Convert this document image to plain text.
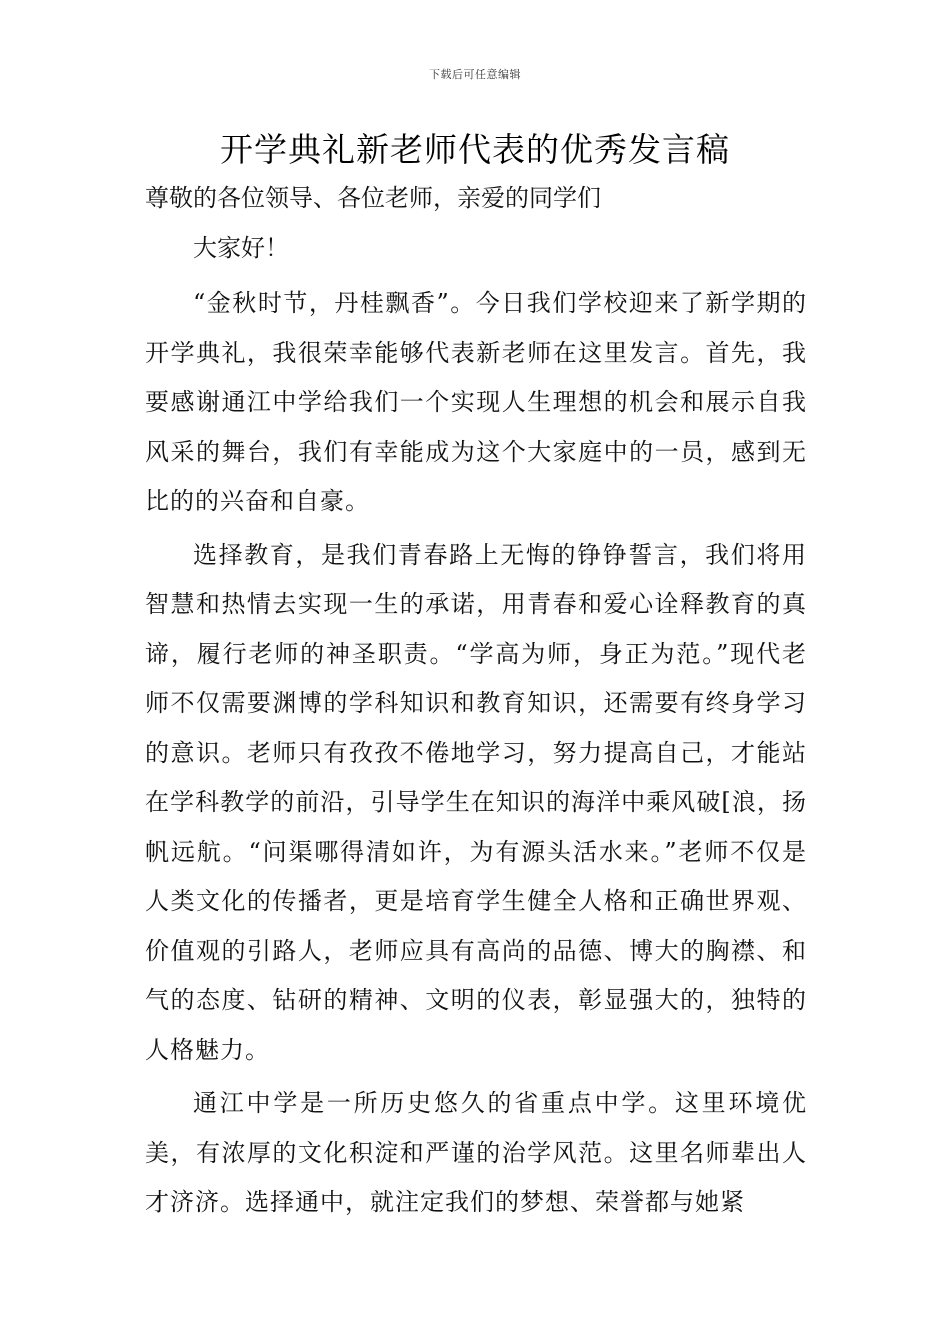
下载后可任意编辑
开学典礼新老师代表的优秀发言稿

尊敬的各位领导、各位老师，亲爱的同学们

大家好！

“金秋时节，丹桂飘香”。今日我们学校迎来了新学期的开学典礼，我很荣幸能够代表新老师在这里发言。首先，我要感谢通江中学给我们一个实现人生理想的机会和展示自我风采的舞台，我们有幸能成为这个大家庭中的一员，感到无比的的兴奋和自豪。

选择教育，是我们青春路上无悔的铮铮誓言，我们将用智慧和热情去实现一生的承诺，用青春和爱心诠释教育的真谛，履行老师的神圣职责。“学高为师，身正为范。”现代老师不仅需要渊博的学科知识和教育知识，还需要有终身学习的意识。老师只有孜孜不倦地学习，努力提高自己，才能站在学科教学的前沿，引导学生在知识的海洋中乘风破[浪，扬帆远航。“问渠哪得清如许，为有源头活水来。”老师不仅是人类文化的传播者，更是培育学生健全人格和正确世界观、价值观的引路人，老师应具有高尚的品德、博大的胸襟、和气的态度、钻研的精神、文明的仪表，彰显强大的，独特的人格魅力。

通江中学是一所历史悠久的省重点中学。这里环境优美，有浓厚的文化积淀和严谨的治学风范。这里名师辈出人才济济。选择通中，就注定我们的梦想、荣誉都与她紧
